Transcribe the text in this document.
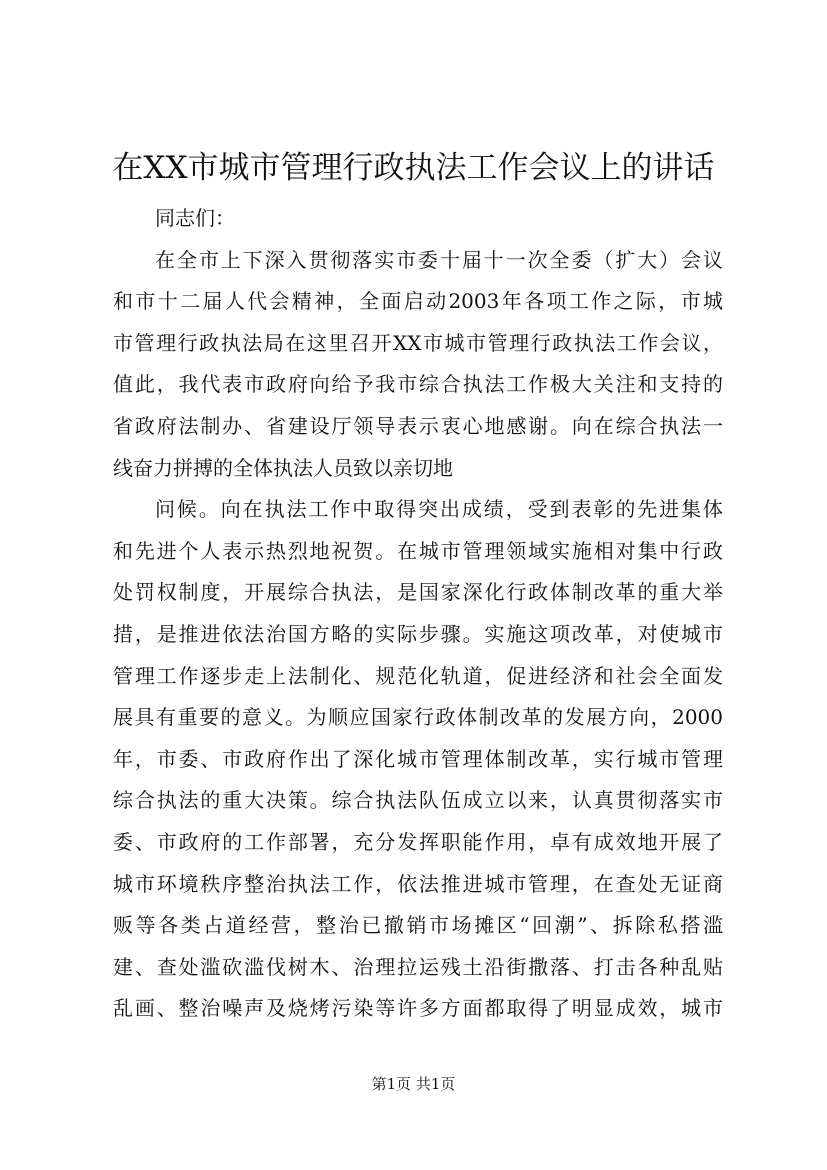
在XX市城市管理行政执法工作会议上的讲话
同志们：
在全市上下深入贯彻落实市委十届十一次全委（扩大）会议
和市十二届人代会精神，全面启动2003年各项工作之际，市城
市管理行政执法局在这里召开XX市城市管理行政执法工作会议，
值此，我代表市政府向给予我市综合执法工作极大关注和支持的
省政府法制办、省建设厅领导表示衷心地感谢。向在综合执法一
线奋力拼搏的全体执法人员致以亲切地
问候。向在执法工作中取得突出成绩，受到表彰的先进集体
和先进个人表示热烈地祝贺。在城市管理领域实施相对集中行政
处罚权制度，开展综合执法，是国家深化行政体制改革的重大举
措，是推进依法治国方略的实际步骤。实施这项改革，对使城市
管理工作逐步走上法制化、规范化轨道，促进经济和社会全面发
展具有重要的意义。为顺应国家行政体制改革的发展方向，2000
年，市委、市政府作出了深化城市管理体制改革，实行城市管理
综合执法的重大决策。综合执法队伍成立以来，认真贯彻落实市
委、市政府的工作部署，充分发挥职能作用，卓有成效地开展了
城市环境秩序整治执法工作，依法推进城市管理，在查处无证商
贩等各类占道经营，整治已撤销市场摊区“回潮”、拆除私搭滥
建、查处滥砍滥伐树木、治理拉运残土沿街撒落、打击各种乱贴
乱画、整治噪声及烧烤污染等许多方面都取得了明显成效，城市
第1页 共1页
